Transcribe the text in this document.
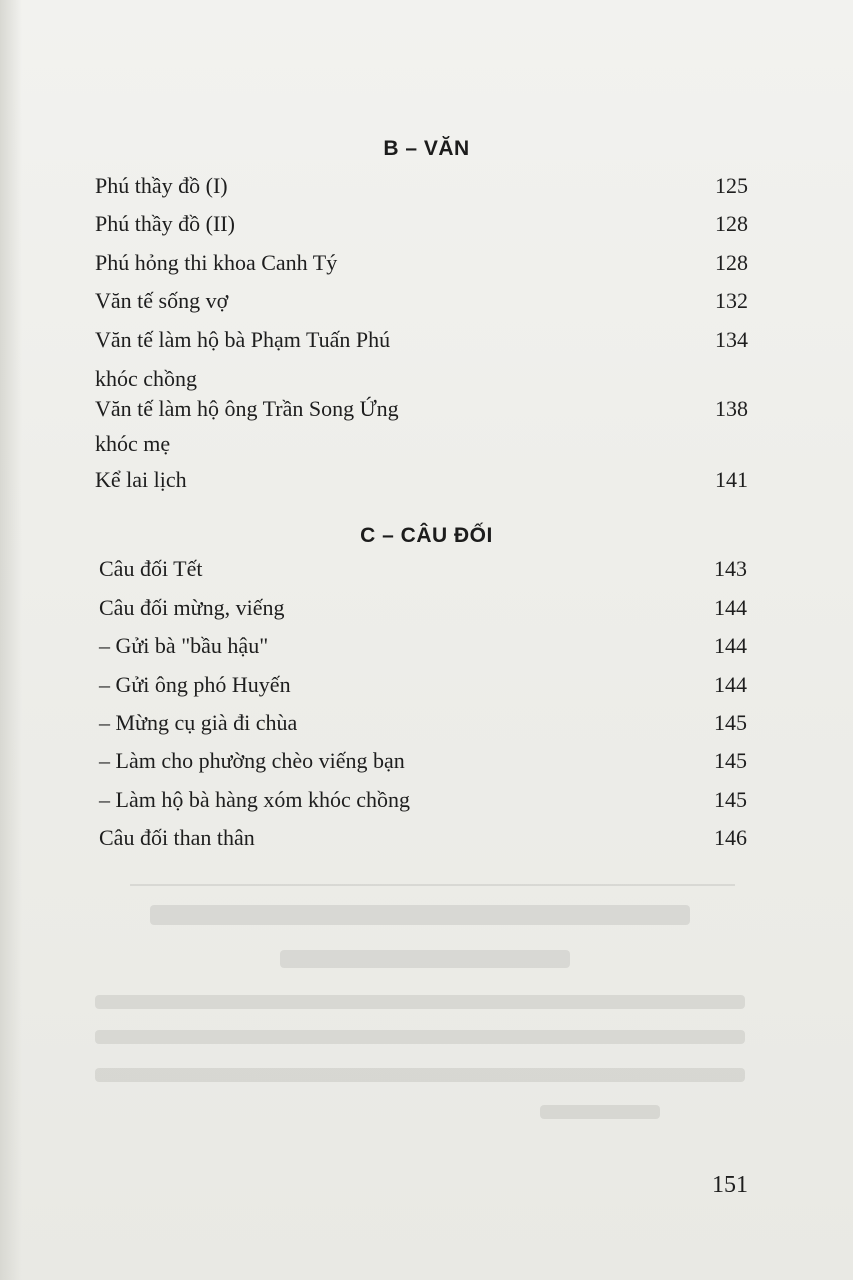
B – VĂN
Phú thầy đồ (I)	125
Phú thầy đồ (II)	128
Phú hỏng thi khoa Canh Tý	128
Văn tế sống vợ	132
Văn tế làm hộ bà Phạm Tuấn Phú	134
khóc chồng
Văn tế làm hộ ông Trần Song Ứng	138
khóc mẹ
Kể lai lịch	141
C – CÂU ĐỐI
Câu đối Tết	143
Câu đối mừng, viếng	144
– Gửi bà "bầu hậu"	144
– Gửi ông phó Huyến	144
– Mừng cụ già đi chùa	145
– Làm cho phường chèo viếng bạn	145
– Làm hộ bà hàng xóm khóc chồng	145
Câu đối than thân	146
151
